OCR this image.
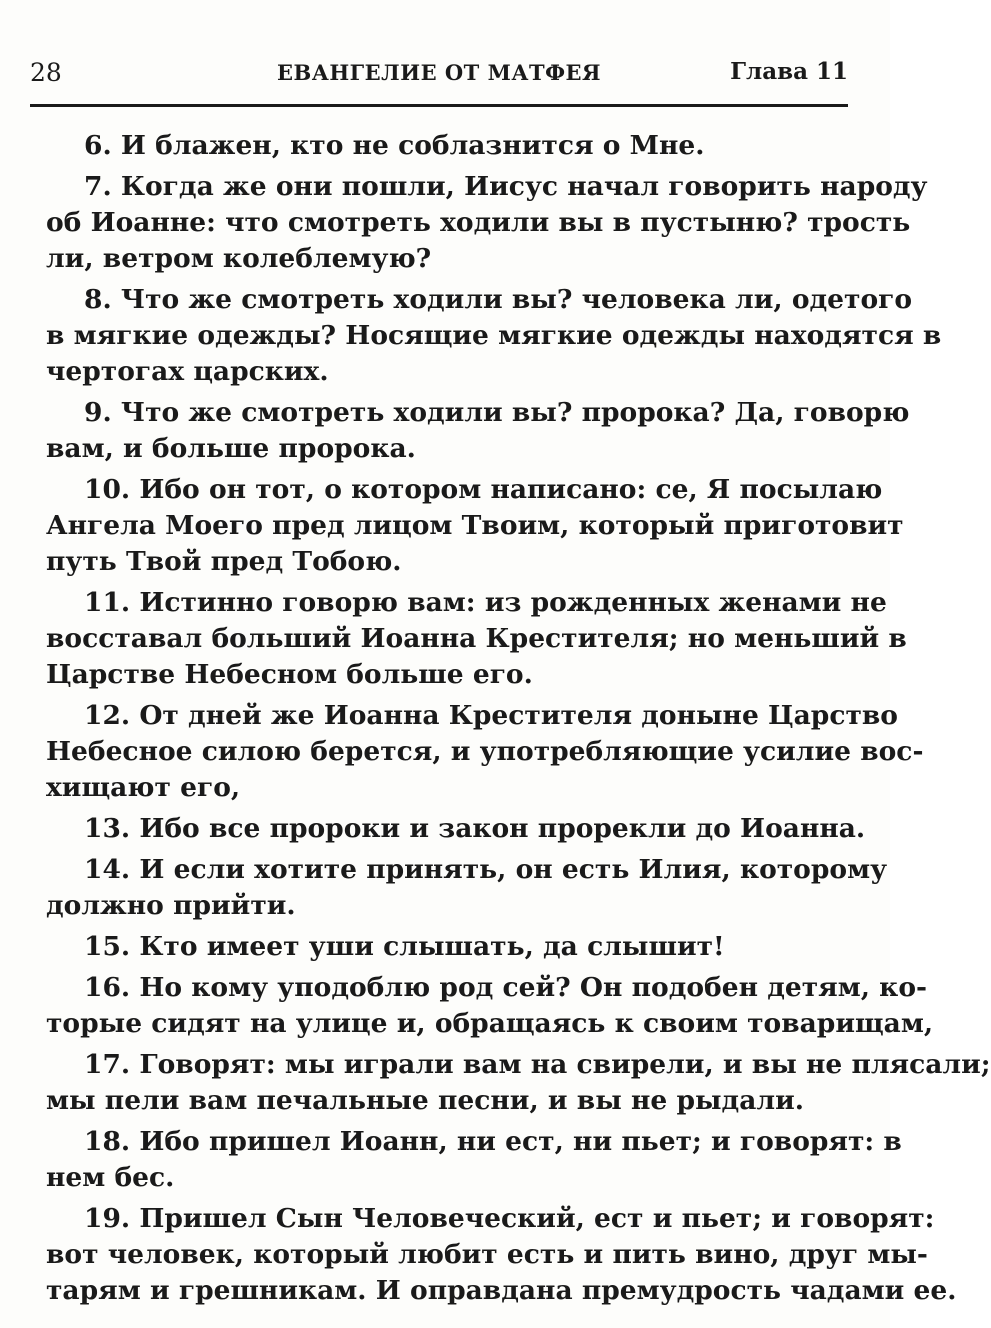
28	ЕВАНГЕЛИЕ ОТ МАТФЕЯ	Глава 11
6. И блажен, кто не соблазнится о Мне.
7. Когда же они пошли, Иисус начал говорить народу
об Иоанне: что смотреть ходили вы в пустыню? трость
ли, ветром колеблемую?
8. Что же смотреть ходили вы? человека ли, одетого
в мягкие одежды? Носящие мягкие одежды находятся в
чертогах царских.
9. Что же смотреть ходили вы? пророка? Да, говорю
вам, и больше пророка.
10. Ибо он тот, о котором написано: се, Я посылаю
Ангела Моего пред лицом Твоим, который приготовит
путь Твой пред Тобою.
11. Истинно говорю вам: из рожденных женами не
восставал больший Иоанна Крестителя; но меньший в
Царстве Небесном больше его.
12. От дней же Иоанна Крестителя доныне Царство
Небесное силою берется, и употребляющие усилие вос-
хищают его,
13. Ибо все пророки и закон прорекли до Иоанна.
14. И если хотите принять, он есть Илия, которому
должно прийти.
15. Кто имеет уши слышать, да слышит!
16. Но кому уподоблю род сей? Он подобен детям, ко-
торые сидят на улице и, обращаясь к своим товарищам,
17. Говорят: мы играли вам на свирели, и вы не плясали;
мы пели вам печальные песни, и вы не рыдали.
18. Ибо пришел Иоанн, ни ест, ни пьет; и говорят: в
нем бес.
19. Пришел Сын Человеческий, ест и пьет; и говорят:
вот человек, который любит есть и пить вино, друг мы-
тарям и грешникам. И оправдана премудрость чадами ее.
